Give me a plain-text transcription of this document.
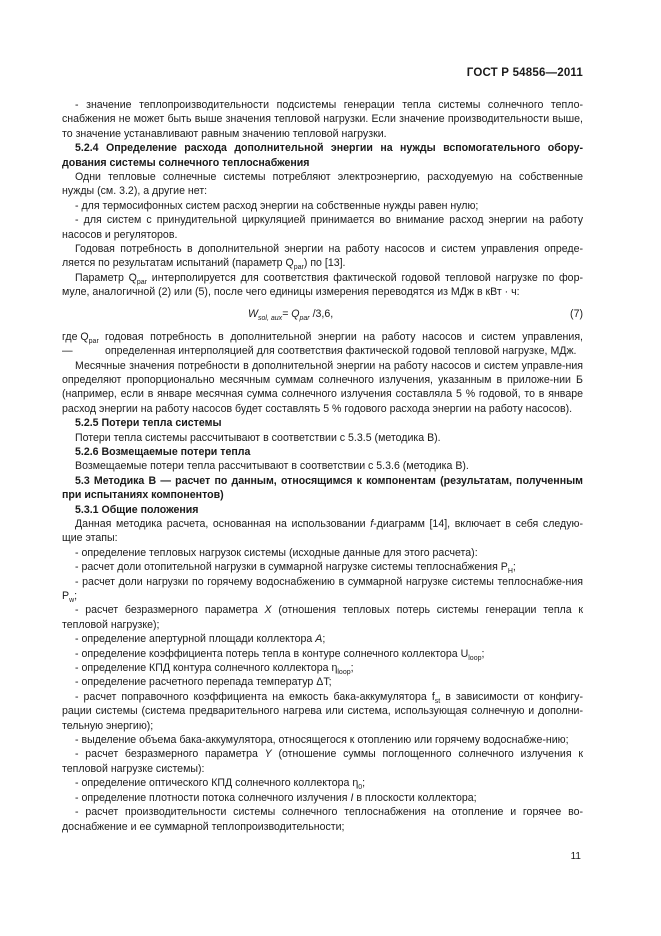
ГОСТ Р 54856—2011

- значение теплопроизводительности подсистемы генерации тепла системы солнечного тепло-снабжения не может быть выше значения тепловой нагрузки. Если значение производительности выше, то значение устанавливают равным значению тепловой нагрузки.

5.2.4 Определение расхода дополнительной энергии на нужды вспомогательного обору-дования системы солнечного теплоснабжения

Одни тепловые солнечные системы потребляют электроэнергию, расходуемую на собственные нужды (см. 3.2), а другие нет:

- для термосифонных систем расход энергии на собственные нужды равен нулю;

- для систем с принудительной циркуляцией принимается во внимание расход энергии на работу насосов и регуляторов.

Годовая потребность в дополнительной энергии на работу насосов и систем управления опреде-ляется по результатам испытаний (параметр $Q_{par}$) по [13].

Параметр $Q_{par}$ интерполируется для соответствия фактической годовой тепловой нагрузке по фор-муле, аналогичной (2) или (5), после чего единицы измерения переводятся из МДж в кВт · ч:

$W_{sol, aux}= Q_{par}$ /3,6,	(7)
где $Q_{par}$ —
годовая потребность в дополнительной энергии на работу насосов и систем управления, определенная интерполяцией для соответствия фактической годовой тепловой нагрузке, МДж.

Месячные значения потребности в дополнительной энергии на работу насосов и систем управле-ния определяют пропорционально месячным суммам солнечного излучения, указанным в приложе-нии Б (например, если в январе месячная сумма солнечного излучения составляла 5 % годовой, то в январе расход энергии на работу насосов будет составлять 5 % годового расхода энергии на работу насосов).

5.2.5 Потери тепла системы

Потери тепла системы рассчитывают в соответствии с 5.3.5 (методика В).

5.2.6 Возмещаемые потери тепла

Возмещаемые потери тепла рассчитывают в соответствии с 5.3.6 (методика В).

5.3 Методика В — расчет по данным, относящимся к компонентам (результатам, полученным при испытаниях компонентов)

5.3.1 Общие положения

Данная методика расчета, основанная на использовании f-диаграмм [14], включает в себя следую-щие этапы:

- определение тепловых нагрузок системы (исходные данные для этого расчета):

- расчет доли отопительной нагрузки в суммарной нагрузке системы теплоснабжения $P_H$;

- расчет доли нагрузки по горячему водоснабжению в суммарной нагрузке системы теплоснабже-ния $P_w$;

- расчет безразмерного параметра X (отношения тепловых потерь системы генерации тепла к тепловой нагрузке);

- определение апертурной площади коллектора A;

- определение коэффициента потерь тепла в контуре солнечного коллектора $U_{loop}$;

- определение КПД контура солнечного коллектора $\eta_{loop}$;

- определение расчетного перепада температур ΔT;

- расчет поправочного коэффициента на емкость бака-аккумулятора $f_{st}$ в зависимости от конфигу-рации системы (система предварительного нагрева или система, использующая солнечную и дополни-тельную энергию);

- выделение объема бака-аккумулятора, относящегося к отоплению или горячему водоснабже-нию;

- расчет безразмерного параметра Y (отношение суммы поглощенного солнечного излучения к тепловой нагрузке системы):

- определение оптического КПД солнечного коллектора $\eta_0$;

- определение плотности потока солнечного излучения I в плоскости коллектора;

- расчет производительности системы солнечного теплоснабжения на отопление и горячее во-доснабжение и ее суммарной теплопроизводительности;

11
